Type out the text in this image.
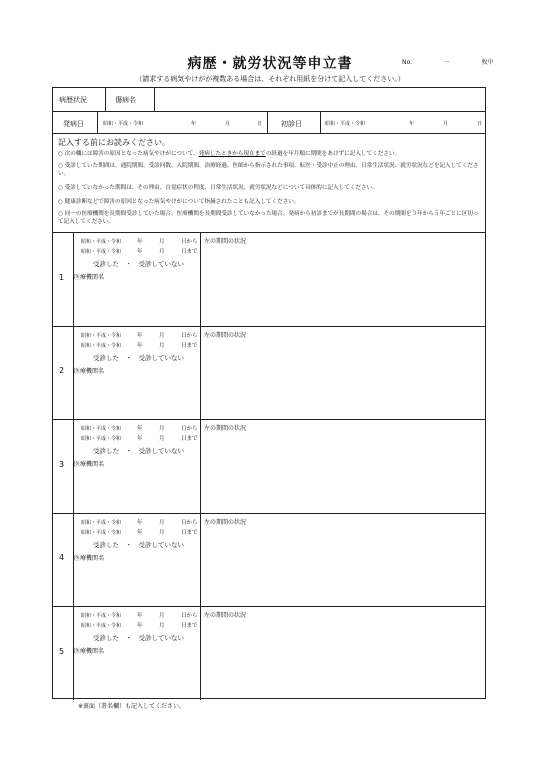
病歴・就労状況等申立書	No.	－	枚中
（請求する病気やけがが複数ある場合は、それぞれ用紙を分けて記入してください。）
病歴状況	傷病名
発病日	昭和・平成・令和	年	月	日	初診日	昭和・平成・令和	年	月	日
記入する前にお読みください。
○ 次の欄には障害の原因となった病気やけがについて、発病したときから現在までの経過を年月順に期間をあけずに記入してください。
○ 受診していた期間は、通院期間、受診回数、入院期間、治療経過、医師から指示された事項、転医・受診中止の理由、日常生活状況、就労状況などを記入してください。
○ 受診していなかった期間は、その理由、自覚症状の程度、日常生活状況、就労状況などについて具体的に記入してください。
○ 健康診断などで障害の原因となった病気やけがについて指摘されたことも記入してください。
○ 同一の医療機関を長期間受診していた場合、医療機関を長期間受診していなかった場合、発病から初診までが長期間の場合は、その期間を３年から５年ごとに区切って記入してください。
1
昭和・平成・令和	年	月	日から
昭和・平成・令和	年	月	日まで
受診した　・　受診していない
医療機関名
左の期間の状況
2
昭和・平成・令和	年	月	日から
昭和・平成・令和	年	月	日まで
受診した　・　受診していない
医療機関名
左の期間の状況
3
昭和・平成・令和	年	月	日から
昭和・平成・令和	年	月	日まで
受診した　・　受診していない
医療機関名
左の期間の状況
4
昭和・平成・令和	年	月	日から
昭和・平成・令和	年	月	日まで
受診した　・　受診していない
医療機関名
左の期間の状況
5
昭和・平成・令和	年	月	日から
昭和・平成・令和	年	月	日まで
受診した　・　受診していない
医療機関名
左の期間の状況
※裏面（署名欄）も記入してください。
